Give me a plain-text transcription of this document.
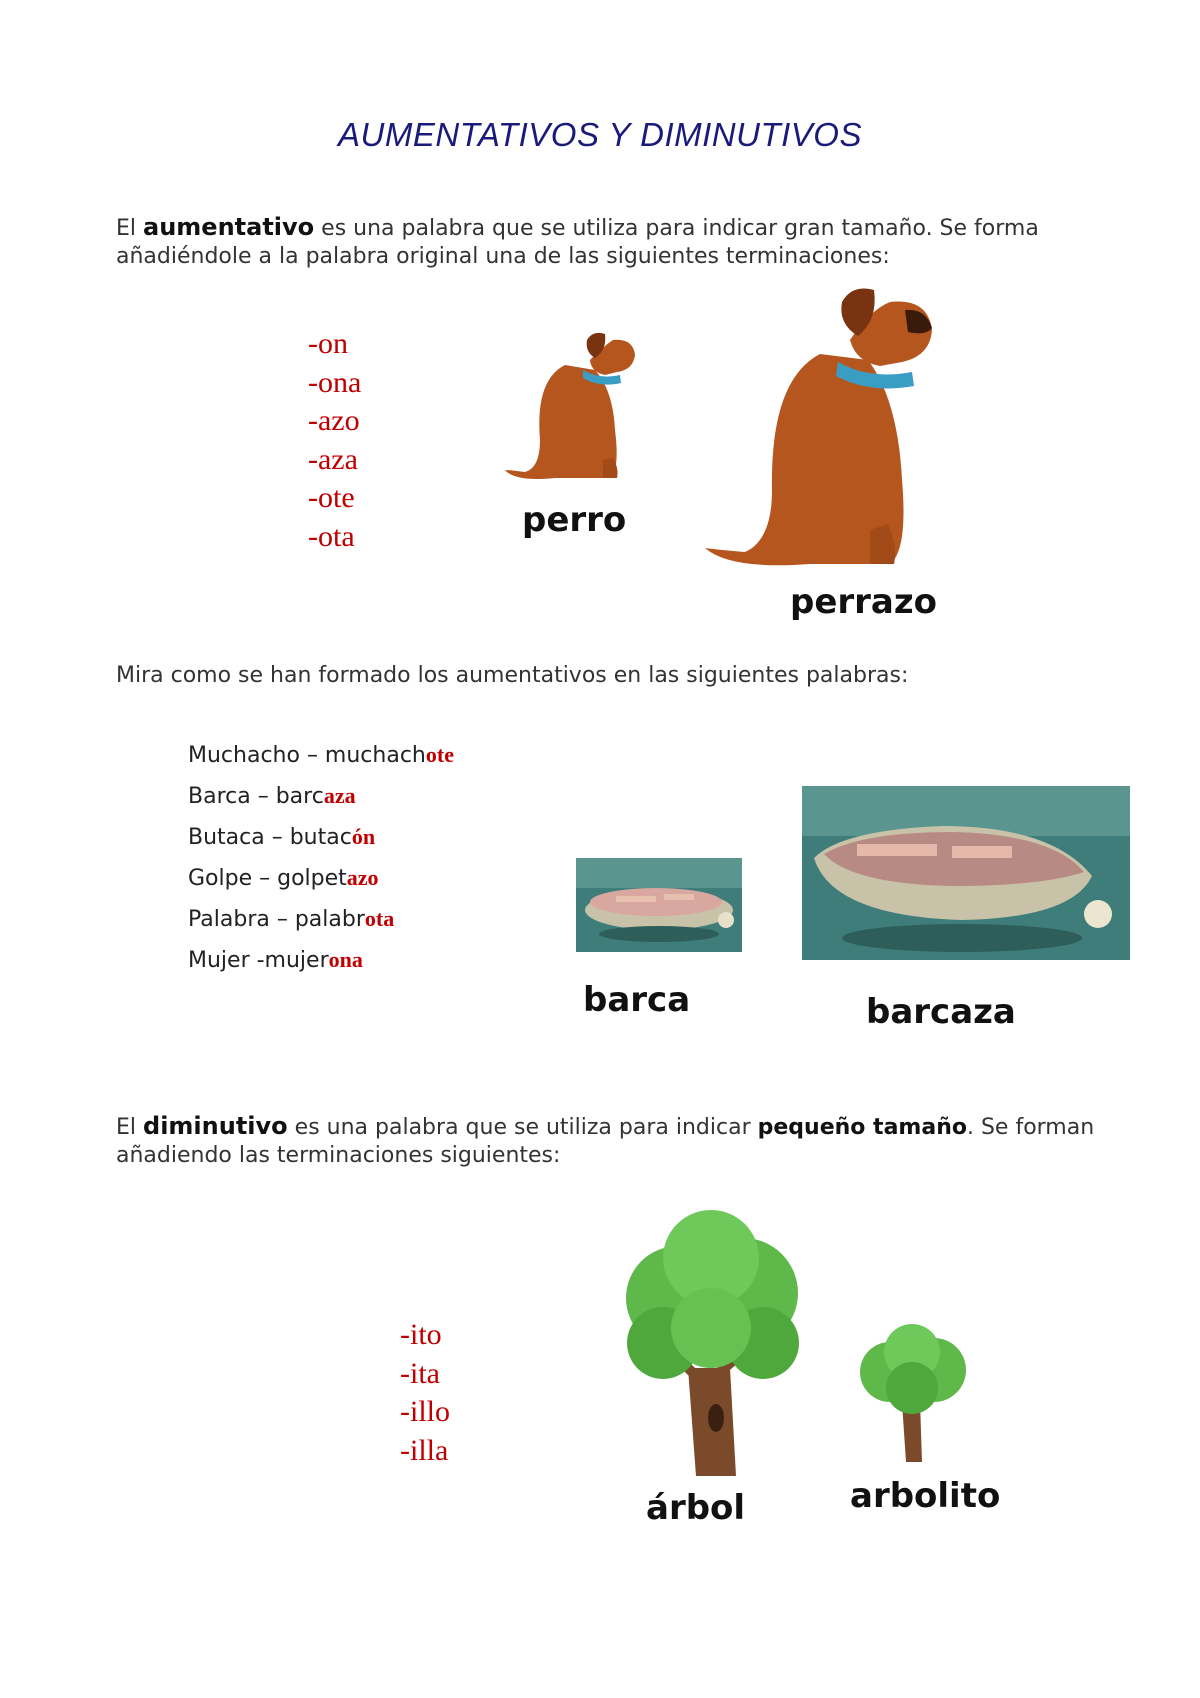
AUMENTATIVOS Y DIMINUTIVOS
El aumentativo es una palabra que se utiliza para indicar gran tamaño. Se forma añadiéndole a la palabra original una de las siguientes terminaciones:
-on
-ona
-azo
-aza
-ote
-ota	perro
perrazo
Mira como se han formado los aumentativos en las siguientes palabras:
Muchacho – muchachote
Barca – barcaza
Butaca – butacón
Golpe – golpetazo
Palabra – palabrota
Mujer -mujerona
barca	barcaza
El diminutivo es una palabra que se utiliza para indicar pequeño tamaño. Se forman añadiendo las terminaciones siguientes:
-ito
-ita
-illo
-illa
árbol	arbolito
